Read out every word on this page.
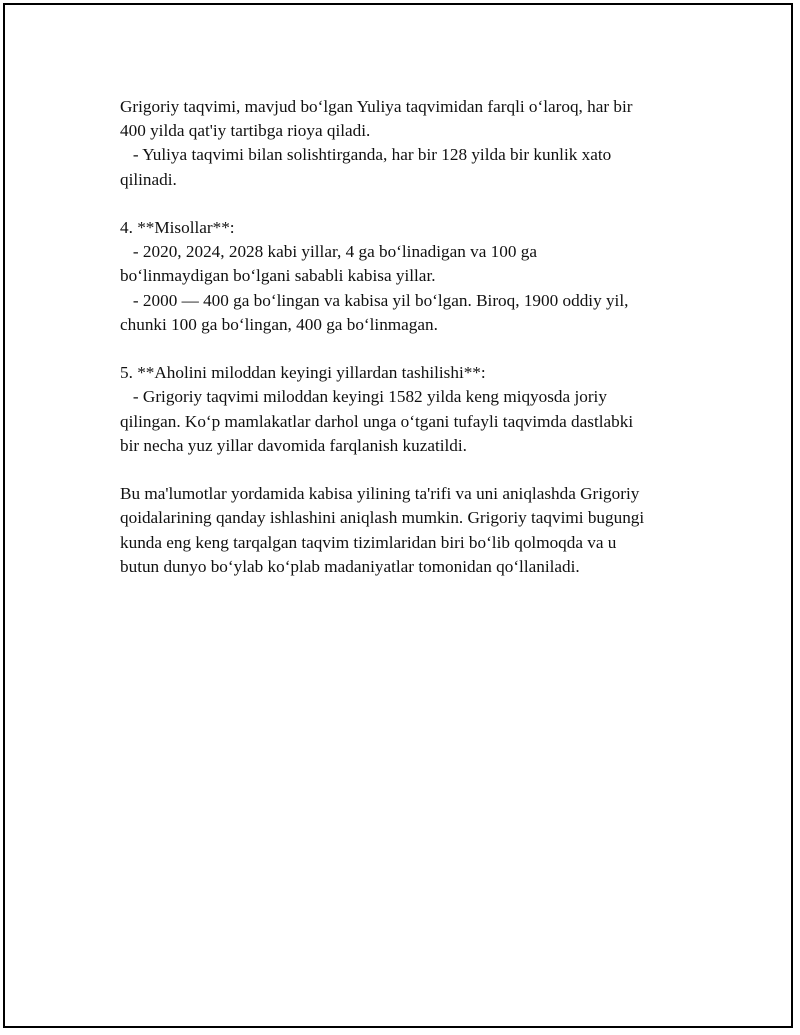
Grigoriy taqvimi, mavjud bo‘lgan Yuliya taqvimidan farqli o‘laroq, har bir

400 yilda qat'iy tartibga rioya qiladi.

- Yuliya taqvimi bilan solishtirganda, har bir 128 yilda bir kunlik xato

qilinadi.

4. **Misollar**:

- 2020, 2024, 2028 kabi yillar, 4 ga bo‘linadigan va 100 ga

bo‘linmaydigan bo‘lgani sababli kabisa yillar.

- 2000 — 400 ga bo‘lingan va kabisa yil bo‘lgan. Biroq, 1900 oddiy yil,

chunki 100 ga bo‘lingan, 400 ga bo‘linmagan.

5. **Aholini miloddan keyingi yillardan tashilishi**:

- Grigoriy taqvimi miloddan keyingi 1582 yilda keng miqyosda joriy

qilingan. Ko‘p mamlakatlar darhol unga o‘tgani tufayli taqvimda dastlabki

bir necha yuz yillar davomida farqlanish kuzatildi.

Bu ma'lumotlar yordamida kabisa yilining ta'rifi va uni aniqlashda Grigoriy

qoidalarining qanday ishlashini aniqlash mumkin. Grigoriy taqvimi bugungi

kunda eng keng tarqalgan taqvim tizimlaridan biri bo‘lib qolmoqda va u

butun dunyo bo‘ylab ko‘plab madaniyatlar tomonidan qo‘llaniladi.
